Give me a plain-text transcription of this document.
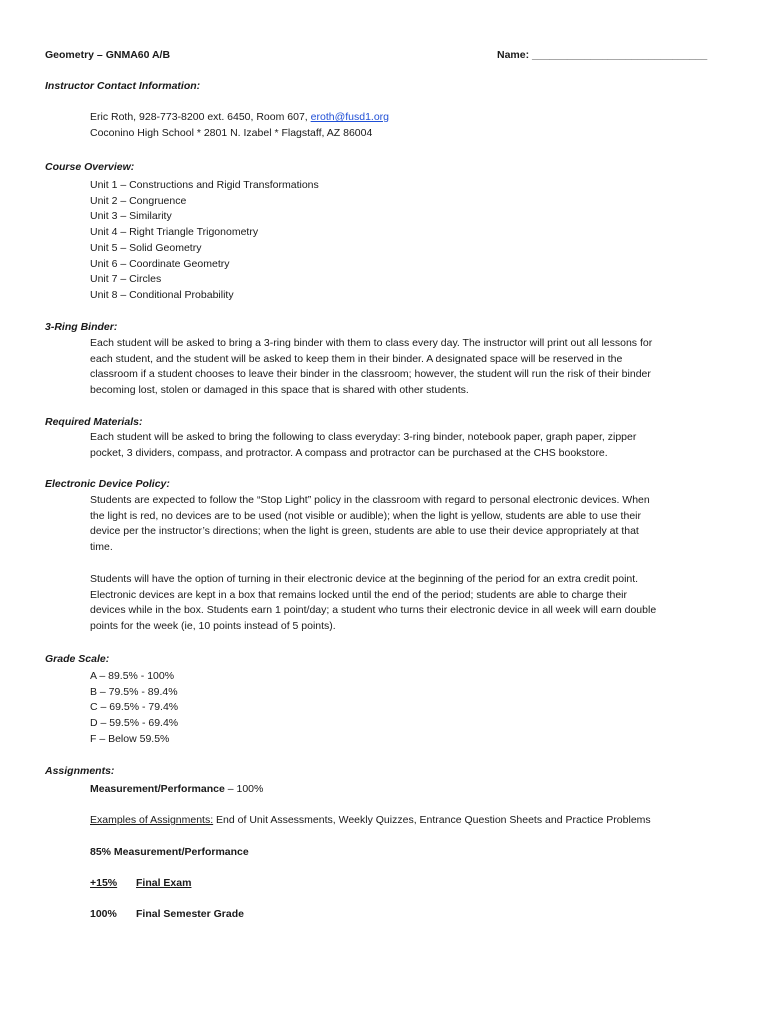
Geometry – GNMA60 A/B	Name: ______________________________
Instructor Contact Information:
Eric Roth, 928-773-8200 ext. 6450, Room 607, eroth@fusd1.org
Coconino High School * 2801 N. Izabel * Flagstaff, AZ 86004
Course Overview:
Unit 1 – Constructions and Rigid Transformations
Unit 2 – Congruence
Unit 3 – Similarity
Unit 4 – Right Triangle Trigonometry
Unit 5 – Solid Geometry
Unit 6 – Coordinate Geometry
Unit 7 – Circles
Unit 8 – Conditional Probability
3-Ring Binder:
Each student will be asked to bring a 3-ring binder with them to class every day. The instructor will print out all lessons for
each student, and the student will be asked to keep them in their binder. A designated space will be reserved in the
classroom if a student chooses to leave their binder in the classroom; however, the student will run the risk of their binder
becoming lost, stolen or damaged in this space that is shared with other students.
Required Materials:
Each student will be asked to bring the following to class everyday: 3-ring binder, notebook paper, graph paper, zipper
pocket, 3 dividers, compass, and protractor. A compass and protractor can be purchased at the CHS bookstore.
Electronic Device Policy:
Students are expected to follow the “Stop Light” policy in the classroom with regard to personal electronic devices. When
the light is red, no devices are to be used (not visible or audible); when the light is yellow, students are able to use their
device per the instructor’s directions; when the light is green, students are able to use their device appropriately at that
time.
Students will have the option of turning in their electronic device at the beginning of the period for an extra credit point.
Electronic devices are kept in a box that remains locked until the end of the period; students are able to charge their
devices while in the box. Students earn 1 point/day; a student who turns their electronic device in all week will earn double
points for the week (ie, 10 points instead of 5 points).
Grade Scale:
A – 89.5% - 100%
B – 79.5% - 89.4%
C – 69.5% - 79.4%
D – 59.5% - 69.4%
F – Below 59.5%
Assignments:
Measurement/Performance – 100%
Examples of Assignments: End of Unit Assessments, Weekly Quizzes, Entrance Question Sheets and Practice Problems
85% Measurement/Performance
+15% Final Exam
100% Final Semester Grade
